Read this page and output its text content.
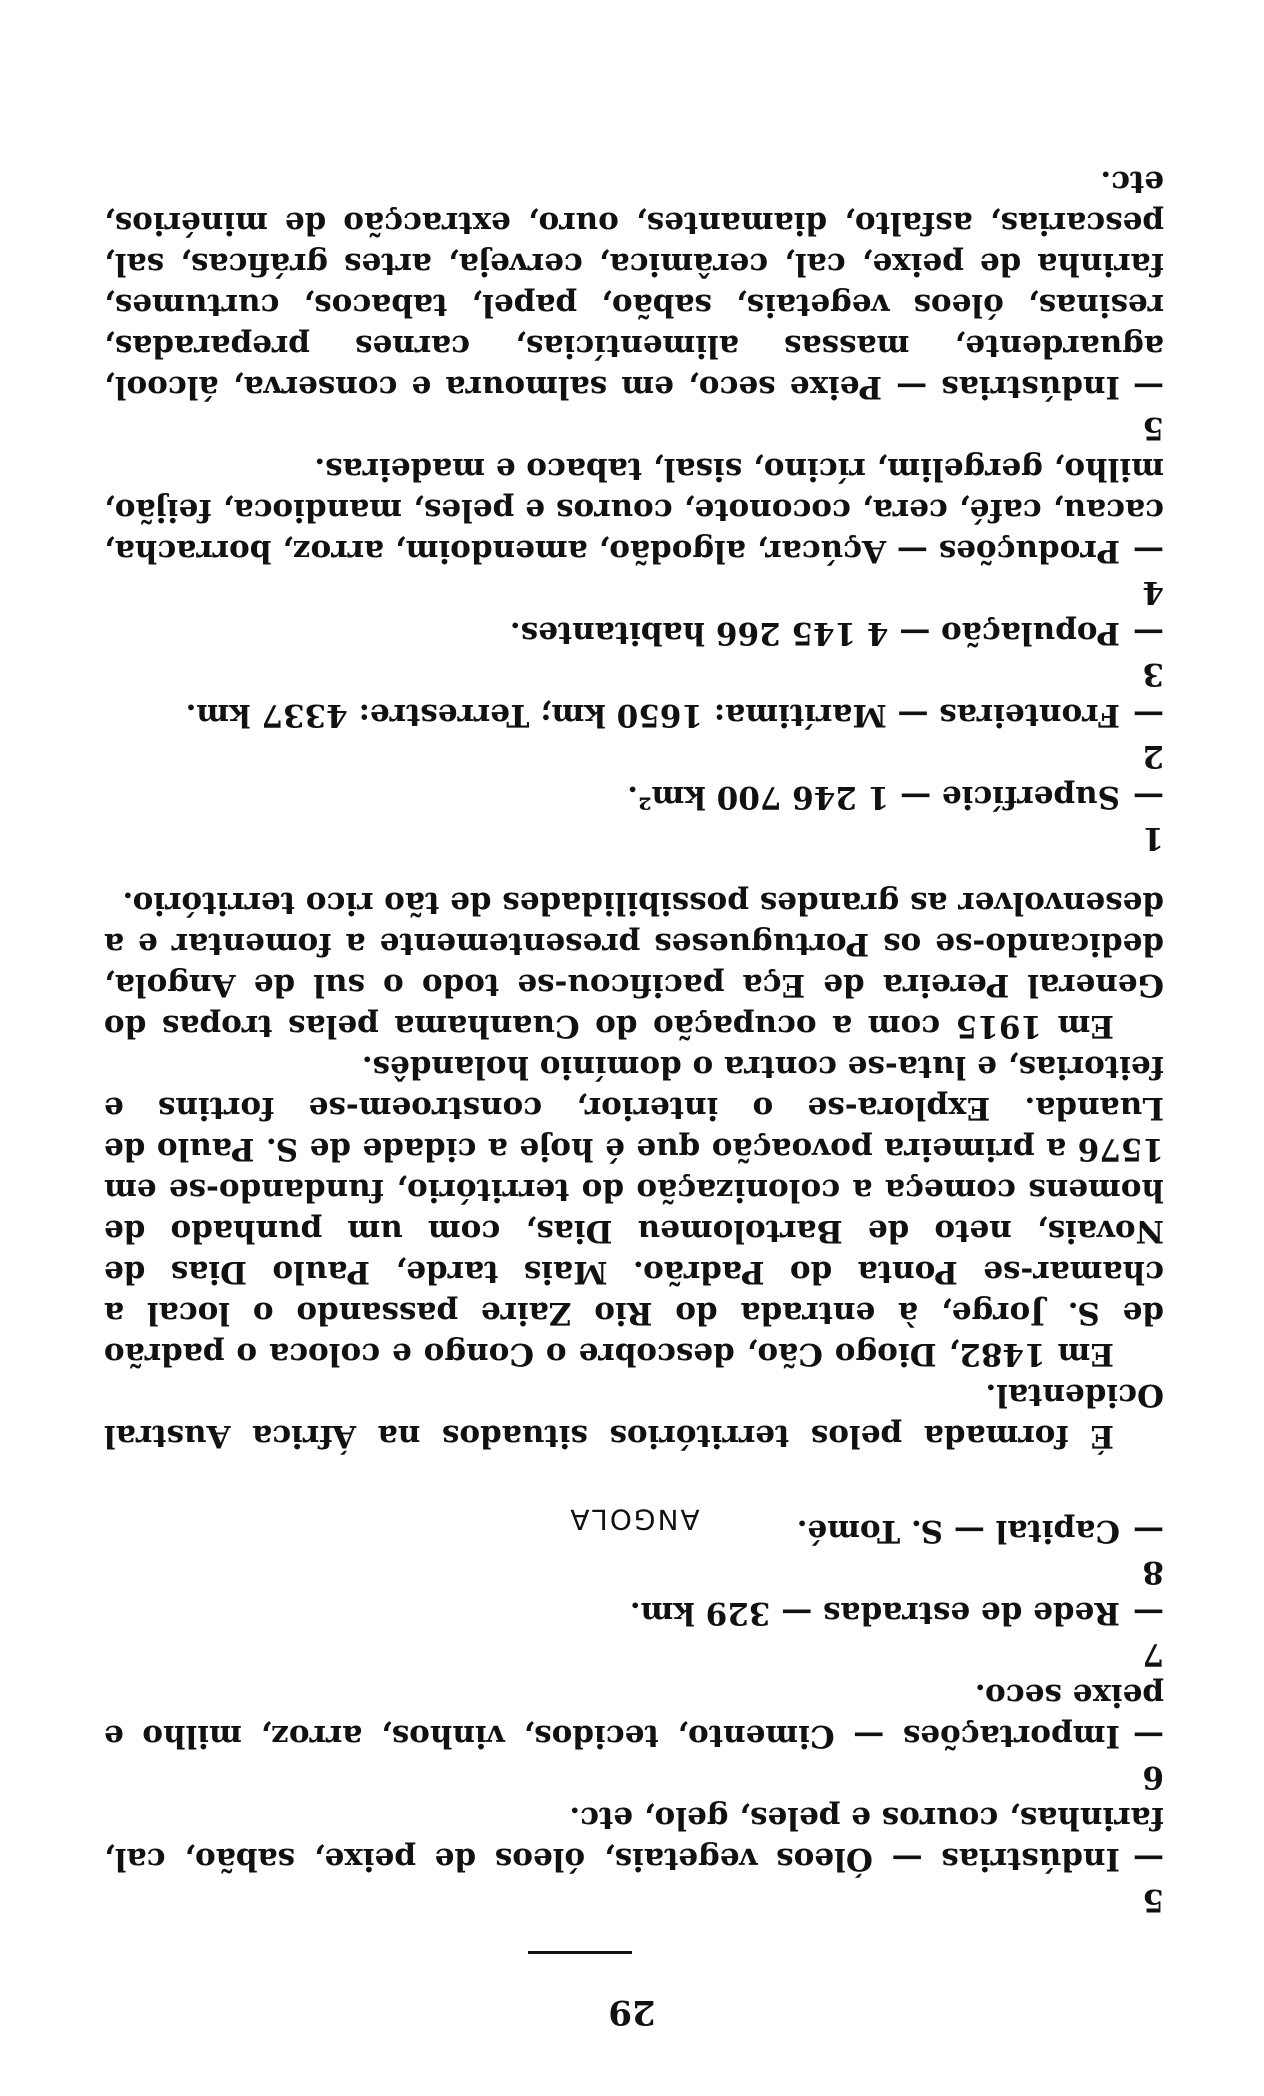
29

5 —Indústrias — Óleos vegetais, óleos de peixe, sabão, cal, farinhas, couros e peles, gelo, etc.

6 —Importações — Cimento, tecidos, vinhos, arroz, milho e peixe seco.

7 —Rede de estradas — 329 km.

8 —Capital — S. Tomé.

ANGOLA

É formada pelos territórios situados na África Austral Ocidental.

Em 1482, Diogo Cão, descobre o Congo e coloca o padrão de S. Jorge, à entrada do Rio Zaire passando o local a chamar-se Ponta do Padrão. Mais tarde, Paulo Dias de Novais, neto de Bartolomeu Dias, com um punhado de homens começa a colonização do território, fundando-se em 1576 a primeira povoação que é hoje a cidade de S. Paulo de Luanda. Explora-se o interior, constroem-se fortins e feitorias, e luta-se contra o domínio holandês.

Em 1915 com a ocupação do Cuanhama pelas tropas do General Pereira de Eça pacificou-se todo o sul de Angola, dedicando-se os Portugueses presentemente a fomentar e a desenvolver as grandes possibilidades de tão rico território.

1 —Superfície — 1 246 700 km².

2 —Fronteiras — Marítima: 1650 km; Terrestre: 4337 km.

3 —População — 4 145 266 habitantes.

4 —Produções — Açúcar, algodão, amendoim, arroz, borracha, cacau, café, cera, coconote, couros e peles, mandioca, feijão, milho, gergelim, rícino, sisal, tabaco e madeiras.

5 —Indústrias — Peixe seco, em salmoura e conserva, álcool, aguardente, massas alimentícias, carnes preparadas, resinas, óleos vegetais, sabão, papel, tabacos, curtumes, farinha de peixe, cal, cerâmica, cerveja, artes gráficas, sal, pescarias, asfalto, diamantes, ouro, extracção de minérios, etc.
